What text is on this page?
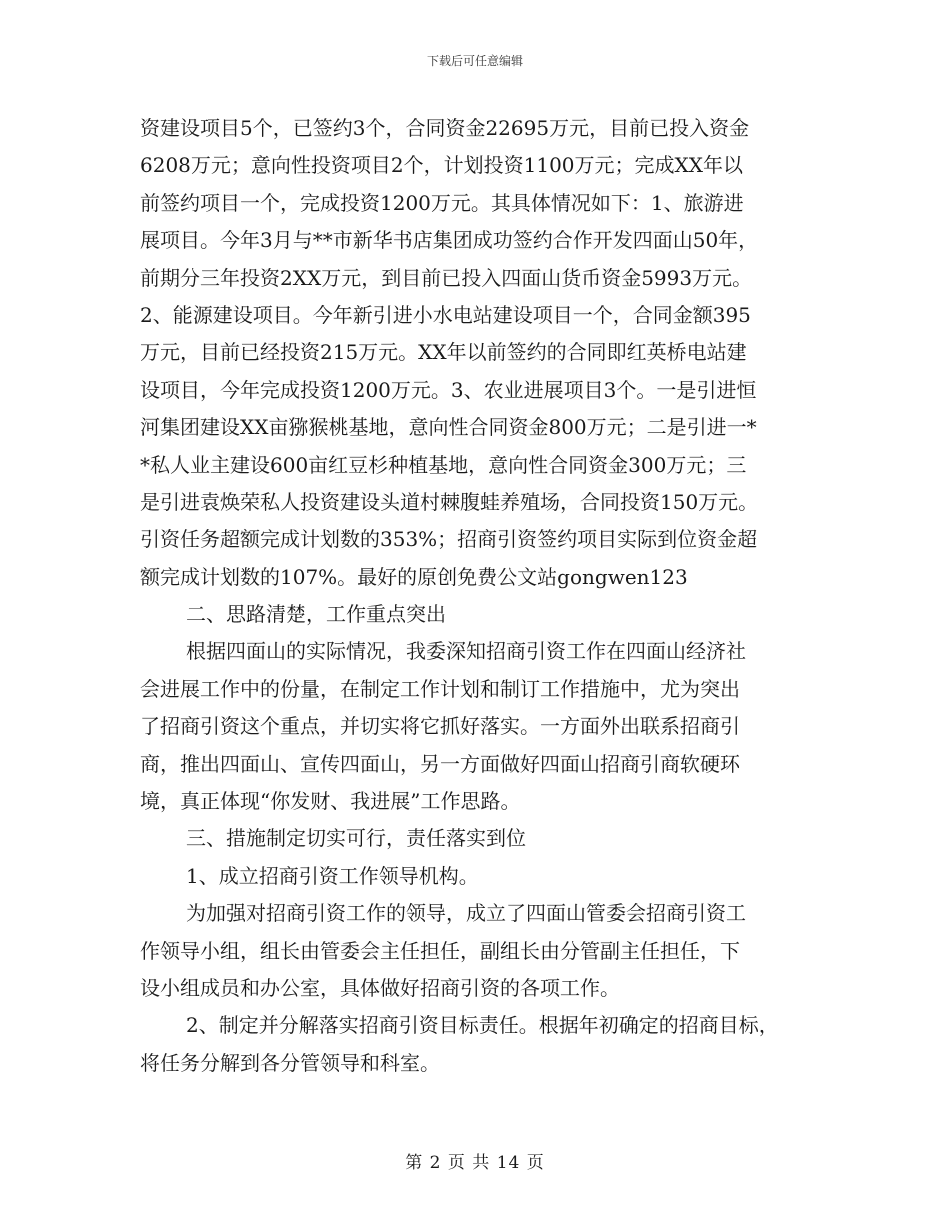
下载后可任意编辑
资建设项目5个，已签约3个，合同资金22695万元，目前已投入资金
6208万元；意向性投资项目2个，计划投资1100万元；完成XX年以
前签约项目一个，完成投资1200万元。其具体情况如下：1、旅游进
展项目。今年3月与**市新华书店集团成功签约合作开发四面山50年，
前期分三年投资2XX万元，到目前已投入四面山货币资金5993万元。
2、能源建设项目。今年新引进小水电站建设项目一个，合同金额395
万元，目前已经投资215万元。XX年以前签约的合同即红英桥电站建
设项目，今年完成投资1200万元。3、农业进展项目3个。一是引进恒
河集团建设XX亩猕猴桃基地，意向性合同资金800万元；二是引进一*
*私人业主建设600亩红豆杉种植基地，意向性合同资金300万元；三
是引进袁焕荣私人投资建设头道村棘腹蛙养殖场，合同投资150万元。
引资任务超额完成计划数的353%；招商引资签约项目实际到位资金超
额完成计划数的107%。最好的原创免费公文站gongwen123
二、思路清楚，工作重点突出
根据四面山的实际情况，我委深知招商引资工作在四面山经济社
会进展工作中的份量，在制定工作计划和制订工作措施中，尤为突出
了招商引资这个重点，并切实将它抓好落实。一方面外出联系招商引
商，推出四面山、宣传四面山，另一方面做好四面山招商引商软硬环
境，真正体现“你发财、我进展”工作思路。
三、措施制定切实可行，责任落实到位
1、成立招商引资工作领导机构。
为加强对招商引资工作的领导，成立了四面山管委会招商引资工
作领导小组，组长由管委会主任担任，副组长由分管副主任担任，下
设小组成员和办公室，具体做好招商引资的各项工作。
2、制定并分解落实招商引资目标责任。根据年初确定的招商目标，
将任务分解到各分管领导和科室。
第 2 页 共 14 页
